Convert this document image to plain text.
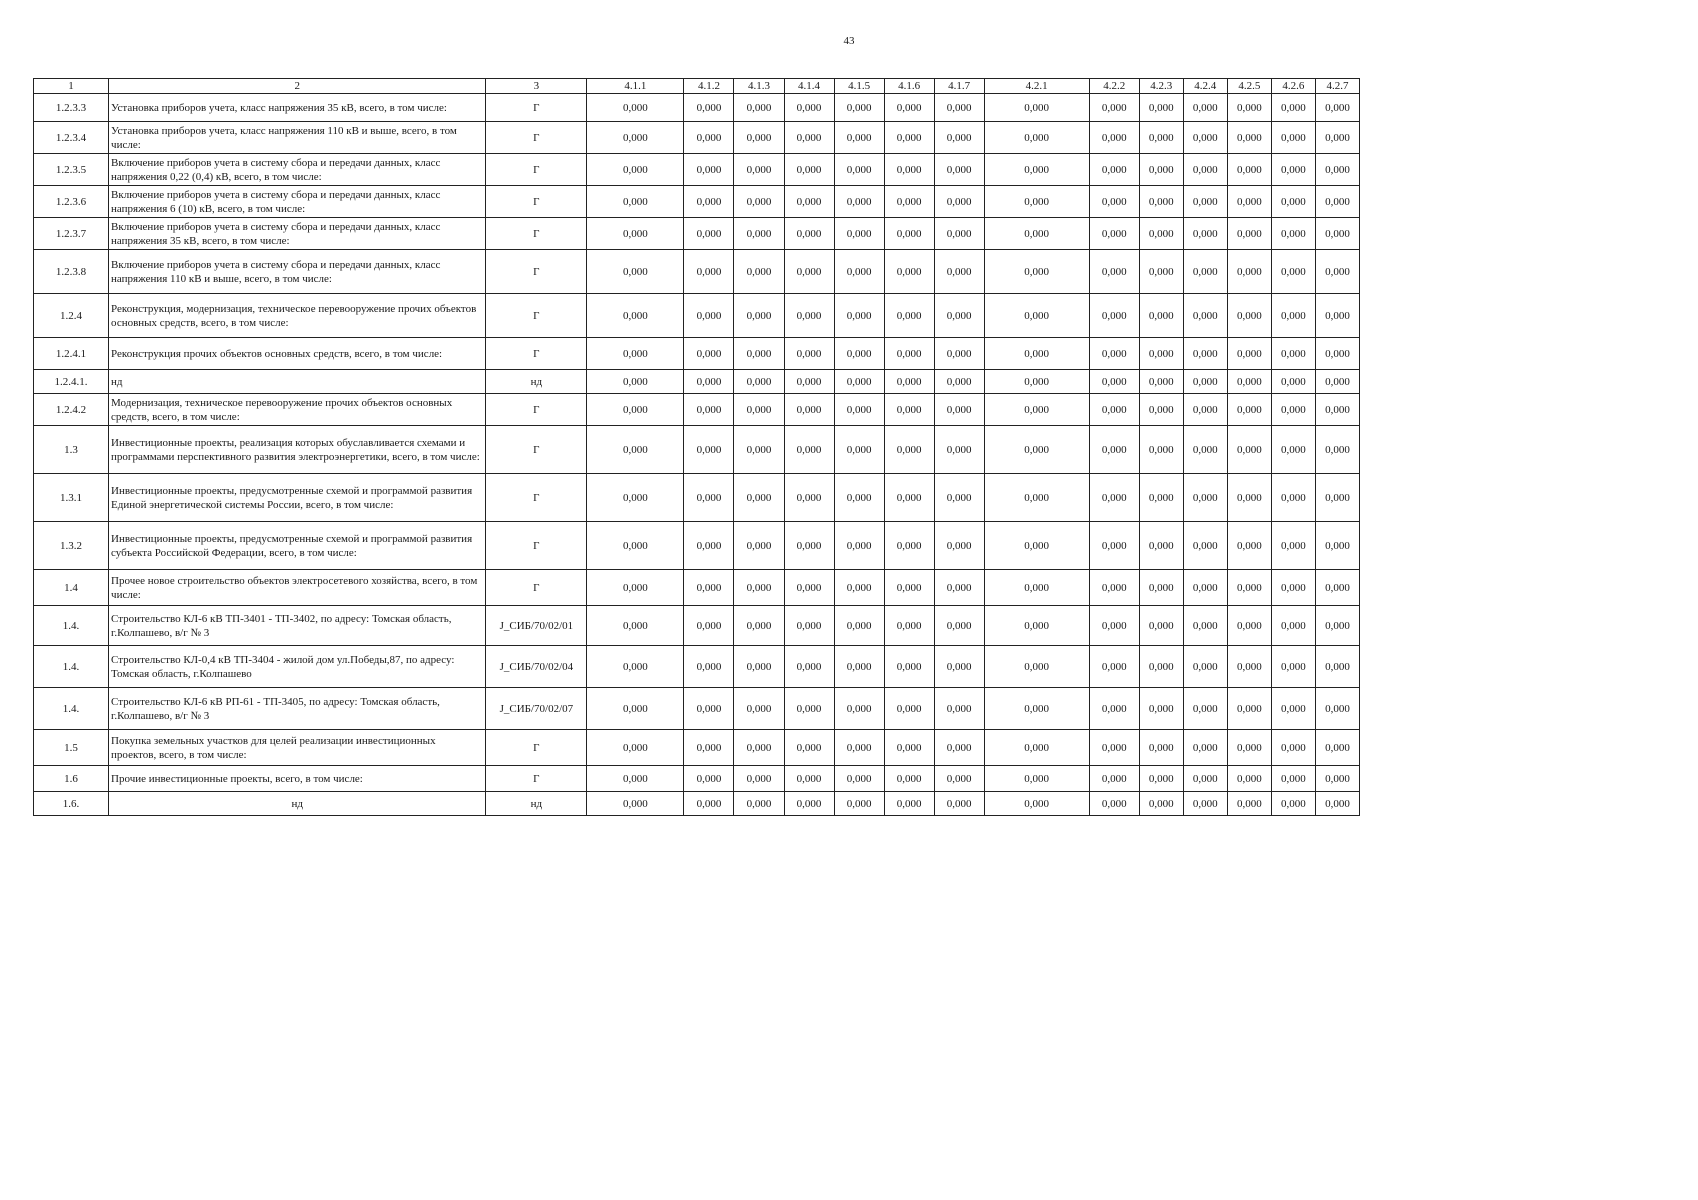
43
1	2	3	4.1.1	4.1.2	4.1.3	4.1.4	4.1.5	4.1.6	4.1.7	4.2.1	4.2.2	4.2.3	4.2.4	4.2.5	4.2.6	4.2.7
1.2.3.3	Установка приборов учета, класс напряжения 35 кВ, всего, в том числе:	Г	0,000	0,000	0,000	0,000	0,000	0,000	0,000	0,000	0,000	0,000	0,000	0,000	0,000	0,000
1.2.3.4	Установка приборов учета, класс напряжения 110 кВ и выше, всего, в том числе:	Г	0,000	0,000	0,000	0,000	0,000	0,000	0,000	0,000	0,000	0,000	0,000	0,000	0,000	0,000
1.2.3.5	Включение приборов учета в систему сбора и передачи данных, класс напряжения 0,22 (0,4) кВ, всего, в том числе:	Г	0,000	0,000	0,000	0,000	0,000	0,000	0,000	0,000	0,000	0,000	0,000	0,000	0,000	0,000
1.2.3.6	Включение приборов учета в систему сбора и передачи данных, класс напряжения 6 (10) кВ, всего, в том числе:	Г	0,000	0,000	0,000	0,000	0,000	0,000	0,000	0,000	0,000	0,000	0,000	0,000	0,000	0,000
1.2.3.7	Включение приборов учета в систему сбора и передачи данных, класс напряжения 35 кВ, всего, в том числе:	Г	0,000	0,000	0,000	0,000	0,000	0,000	0,000	0,000	0,000	0,000	0,000	0,000	0,000	0,000
1.2.3.8	Включение приборов учета в систему сбора и передачи данных, класс напряжения 110 кВ и выше, всего, в том числе:	Г	0,000	0,000	0,000	0,000	0,000	0,000	0,000	0,000	0,000	0,000	0,000	0,000	0,000	0,000
1.2.4	Реконструкция, модернизация, техническое перевооружение прочих объектов основных средств, всего, в том числе:	Г	0,000	0,000	0,000	0,000	0,000	0,000	0,000	0,000	0,000	0,000	0,000	0,000	0,000	0,000
1.2.4.1	Реконструкция прочих объектов основных средств, всего, в том числе:	Г	0,000	0,000	0,000	0,000	0,000	0,000	0,000	0,000	0,000	0,000	0,000	0,000	0,000	0,000
1.2.4.1.	нд	нд	0,000	0,000	0,000	0,000	0,000	0,000	0,000	0,000	0,000	0,000	0,000	0,000	0,000	0,000
1.2.4.2	Модернизация, техническое перевооружение прочих объектов основных средств, всего, в том числе:	Г	0,000	0,000	0,000	0,000	0,000	0,000	0,000	0,000	0,000	0,000	0,000	0,000	0,000	0,000
1.3	Инвестиционные проекты, реализация которых обуславливается схемами и программами перспективного развития электроэнергетики, всего, в том числе:	Г	0,000	0,000	0,000	0,000	0,000	0,000	0,000	0,000	0,000	0,000	0,000	0,000	0,000	0,000
1.3.1	Инвестиционные проекты, предусмотренные схемой и программой развития Единой энергетической системы России, всего, в том числе:	Г	0,000	0,000	0,000	0,000	0,000	0,000	0,000	0,000	0,000	0,000	0,000	0,000	0,000	0,000
1.3.2	Инвестиционные проекты, предусмотренные схемой и программой развития субъекта Российской Федерации, всего, в том числе:	Г	0,000	0,000	0,000	0,000	0,000	0,000	0,000	0,000	0,000	0,000	0,000	0,000	0,000	0,000
1.4	Прочее новое строительство объектов электросетевого хозяйства, всего, в том числе:	Г	0,000	0,000	0,000	0,000	0,000	0,000	0,000	0,000	0,000	0,000	0,000	0,000	0,000	0,000
1.4.	Строительство КЛ-6 кВ ТП-3401 - ТП-3402, по адресу: Томская область, г.Колпашево, в/г № 3	J_СИБ/70/02/01	0,000	0,000	0,000	0,000	0,000	0,000	0,000	0,000	0,000	0,000	0,000	0,000	0,000	0,000
1.4.	Строительство КЛ-0,4 кВ ТП-3404 - жилой дом ул.Победы,87, по адресу: Томская область, г.Колпашево	J_СИБ/70/02/04	0,000	0,000	0,000	0,000	0,000	0,000	0,000	0,000	0,000	0,000	0,000	0,000	0,000	0,000
1.4.	Строительство КЛ-6 кВ РП-61 - ТП-3405, по адресу: Томская область, г.Колпашево, в/г № 3	J_СИБ/70/02/07	0,000	0,000	0,000	0,000	0,000	0,000	0,000	0,000	0,000	0,000	0,000	0,000	0,000	0,000
1.5	Покупка земельных участков для целей реализации инвестиционных проектов, всего, в том числе:	Г	0,000	0,000	0,000	0,000	0,000	0,000	0,000	0,000	0,000	0,000	0,000	0,000	0,000	0,000
1.6	Прочие инвестиционные проекты, всего, в том числе:	Г	0,000	0,000	0,000	0,000	0,000	0,000	0,000	0,000	0,000	0,000	0,000	0,000	0,000	0,000
1.6.	нд	нд	0,000	0,000	0,000	0,000	0,000	0,000	0,000	0,000	0,000	0,000	0,000	0,000	0,000	0,000
